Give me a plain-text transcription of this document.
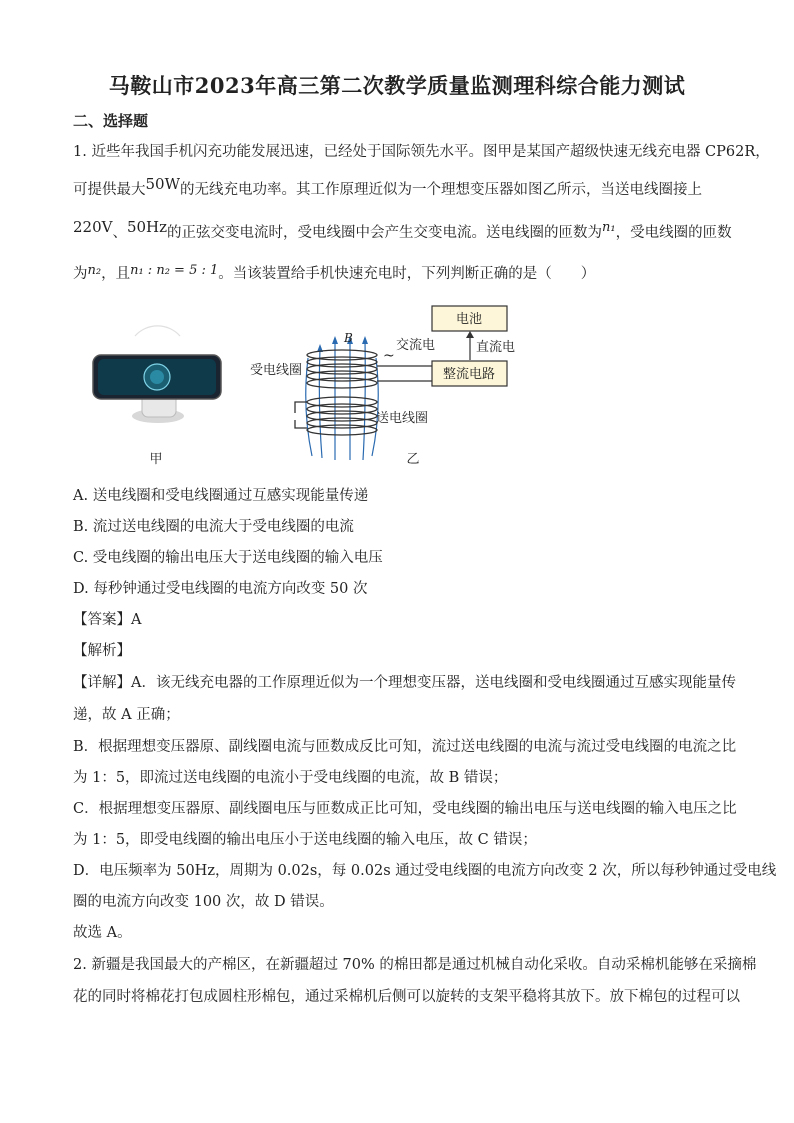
马鞍山市2023年高三第二次教学质量监测理科综合能力测试
二、选择题
1. 近些年我国手机闪充功能发展迅速，已经处于国际领先水平。图甲是某国产超级快速无线充电器 CP62R，
可提供最大50W的无线充电功率。其工作原理近似为一个理想变压器如图乙所示，当送电线圈接上
220V、50Hz的正弦交变电流时，受电线圈中会产生交变电流。送电线圈的匝数为n₁，受电线圈的匝数
为n₂，且n₁ : n₂ = 5 : 1。当该装置给手机快速充电时，下列判断正确的是（　　）
电池
整流电路
交流电
~
直流电
受电线圈
送电线圈
B
甲	乙
A. 送电线圈和受电线圈通过互感实现能量传递
B. 流过送电线圈的电流大于受电线圈的电流
C. 受电线圈的输出电压大于送电线圈的输入电压
D. 每秒钟通过受电线圈的电流方向改变 50 次
【答案】A
【解析】
【详解】A．该无线充电器的工作原理近似为一个理想变压器，送电线圈和受电线圈通过互感实现能量传
递，故 A 正确；
B．根据理想变压器原、副线圈电流与匝数成反比可知，流过送电线圈的电流与流过受电线圈的电流之比
为 1：5，即流过送电线圈的电流小于受电线圈的电流，故 B 错误；
C．根据理想变压器原、副线圈电压与匝数成正比可知，受电线圈的输出电压与送电线圈的输入电压之比
为 1：5，即受电线圈的输出电压小于送电线圈的输入电压，故 C 错误；
D．电压频率为 50Hz，周期为 0.02s，每 0.02s 通过受电线圈的电流方向改变 2 次，所以每秒钟通过受电线
圈的电流方向改变 100 次，故 D 错误。
故选 A。
2. 新疆是我国最大的产棉区，在新疆超过 70% 的棉田都是通过机械自动化采收。自动采棉机能够在采摘棉
花的同时将棉花打包成圆柱形棉包，通过采棉机后侧可以旋转的支架平稳将其放下。放下棉包的过程可以
